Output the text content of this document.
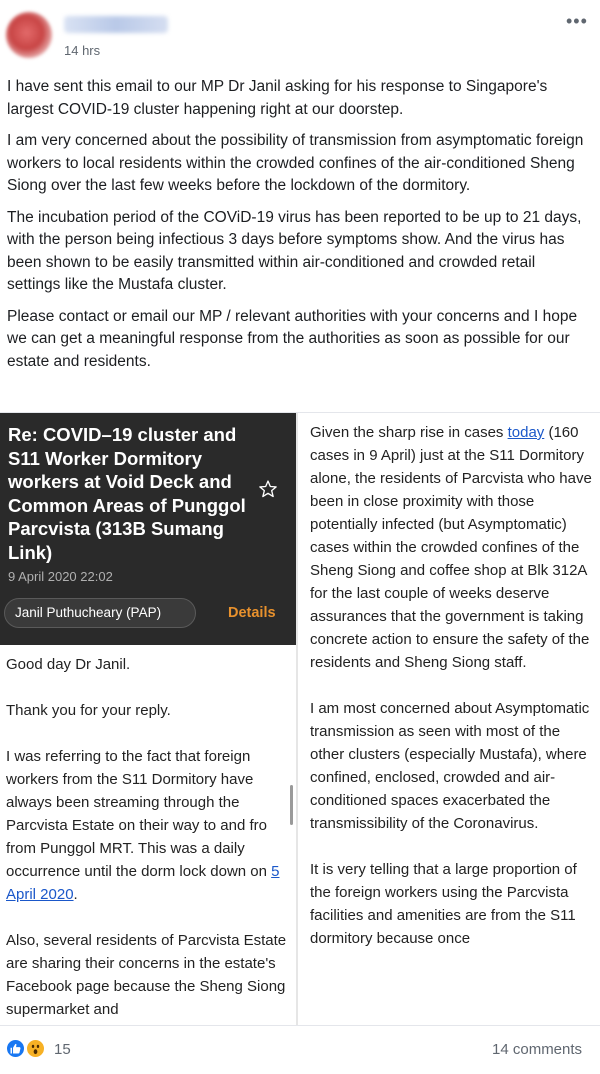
14 hrs
•••

I have sent this email to our MP Dr Janil asking for his response to Singapore's largest COVID-19 cluster happening right at our doorstep.

I am very concerned about the possibility of transmission from asymptomatic foreign workers to local residents within the crowded confines of the air-conditioned Sheng Siong over the last few weeks before the lockdown of the dormitory.

The incubation period of the COViD-19 virus has been reported to be up to 21 days, with the person being infectious 3 days before symptoms show. And the virus has been shown to be easily transmitted within air-conditioned and crowded retail settings like the Mustafa cluster.

Please contact or email our MP / relevant authorities with your concerns and I hope we can get a meaningful response from the authorities as soon as possible for our estate and residents.

Re: COVID–19 cluster and S11 Worker Dormitory workers at Void Deck and Common Areas of Punggol Parcvista (313B Sumang Link)
9 April 2020 22:02
Janil Puthucheary (PAP)	Details

Good day Dr Janil.

Thank you for your reply.

I was referring to the fact that foreign workers from the S11 Dormitory have always been streaming through the Parcvista Estate on their way to and fro from Punggol MRT. This was a daily occurrence until the dorm lock down on 5 April 2020.

Also, several residents of Parcvista Estate are sharing their concerns in the estate's Facebook page because the Sheng Siong supermarket and

Given the sharp rise in cases today (160 cases in 9 April) just at the S11 Dormitory alone, the residents of Parcvista who have been in close proximity with those potentially infected (but Asymptomatic) cases within the crowded confines of the Sheng Siong and coffee shop at Blk 312A for the last couple of weeks deserve assurances that the government is taking concrete action to ensure the safety of the residents and Sheng Siong staff.

I am most concerned about Asymptomatic transmission as seen with most of the other clusters (especially Mustafa), where confined, enclosed, crowded and air-conditioned spaces exacerbated the transmissibility of the Coronavirus.

It is very telling that a large proportion of the foreign workers using the Parcvista facilities and amenities are from the S11 dormitory because once

15	14 comments
